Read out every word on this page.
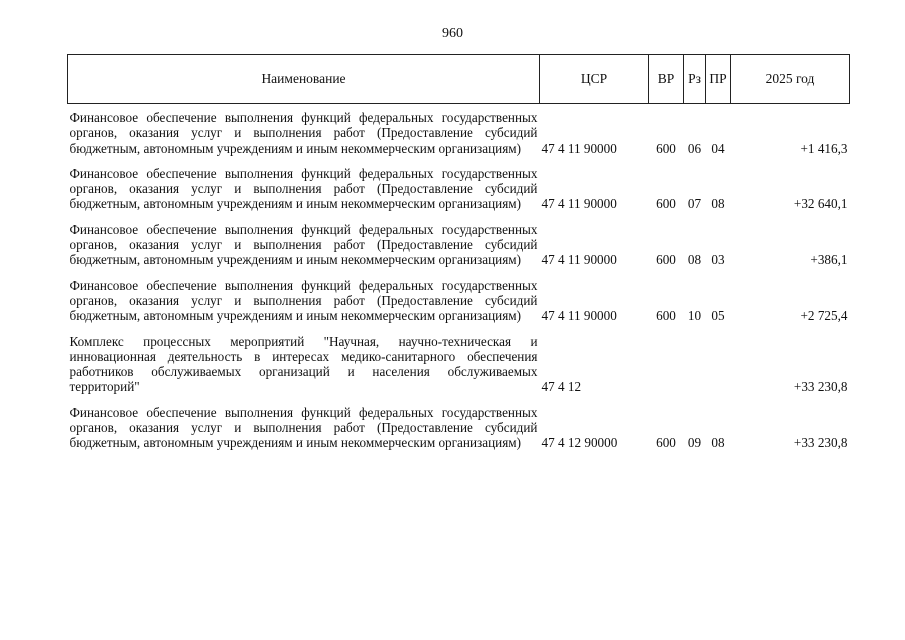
960
Наименование	ЦСР	ВР	Рз	ПР	2025 год
Финансовое обеспечение выполнения функций федеральных государственных органов, оказания услуг и выполнения работ (Предоставление субсидий бюджетным, автономным учреждениям и иным некоммерческим организациям)	47 4 11 90000	600	06	04	+1 416,3
Финансовое обеспечение выполнения функций федеральных государственных органов, оказания услуг и выполнения работ (Предоставление субсидий бюджетным, автономным учреждениям и иным некоммерческим организациям)	47 4 11 90000	600	07	08	+32 640,1
Финансовое обеспечение выполнения функций федеральных государственных органов, оказания услуг и выполнения работ (Предоставление субсидий бюджетным, автономным учреждениям и иным некоммерческим организациям)	47 4 11 90000	600	08	03	+386,1
Финансовое обеспечение выполнения функций федеральных государственных органов, оказания услуг и выполнения работ (Предоставление субсидий бюджетным, автономным учреждениям и иным некоммерческим организациям)	47 4 11 90000	600	10	05	+2 725,4
Комплекс процессных мероприятий "Научная, научно-техническая и инновационная деятельность в интересах медико-санитарного обеспечения работников обслуживаемых организаций и населения обслуживаемых территорий"	47 4 12				+33 230,8
Финансовое обеспечение выполнения функций федеральных государственных органов, оказания услуг и выполнения работ (Предоставление субсидий бюджетным, автономным учреждениям и иным некоммерческим организациям)	47 4 12 90000	600	09	08	+33 230,8
